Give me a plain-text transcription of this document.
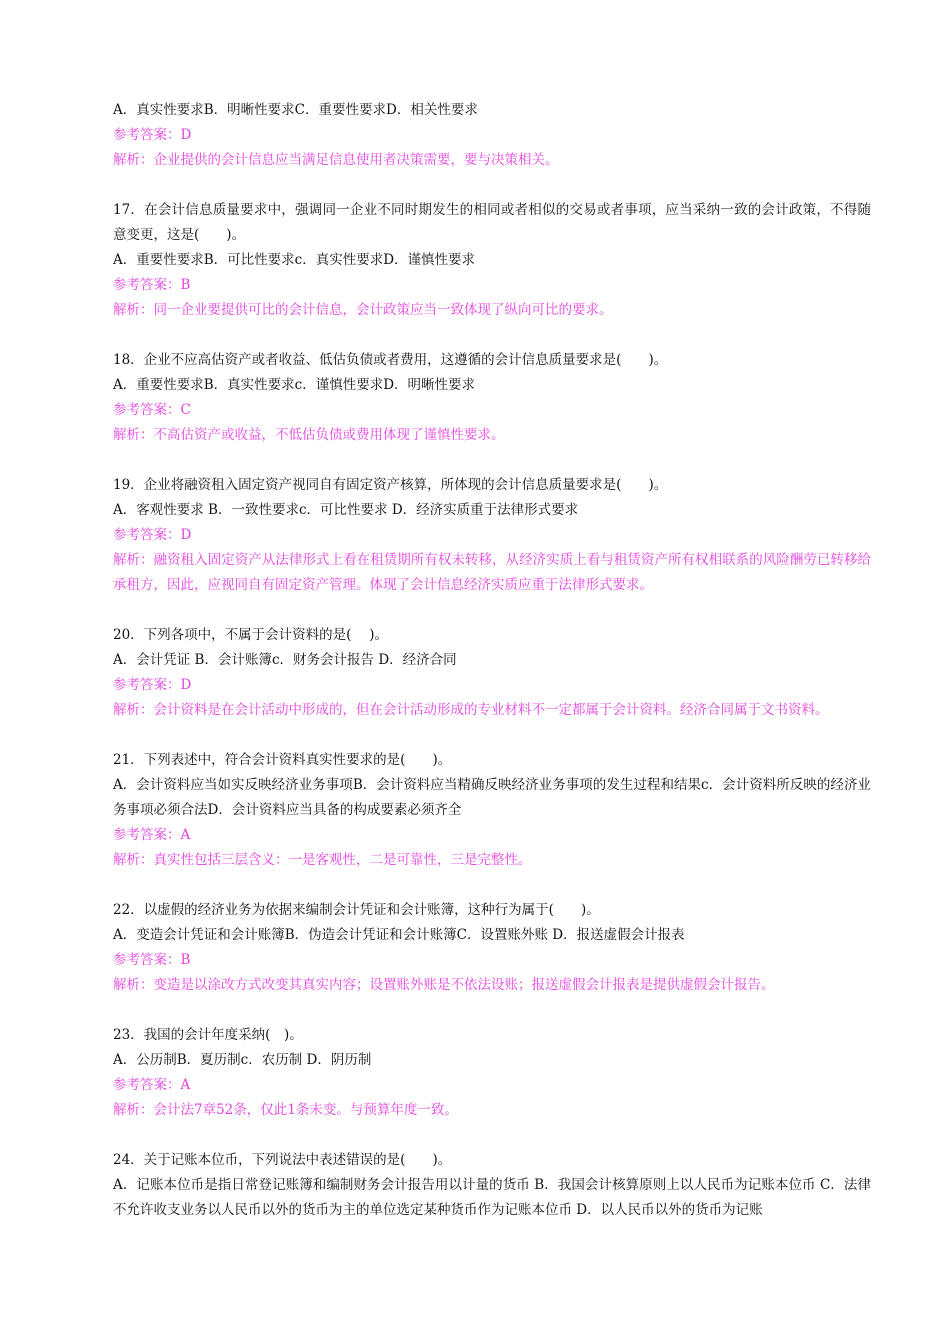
A．真实性要求B．明晰性要求C．重要性要求D．相关性要求

参考答案：D

解析：企业提供的会计信息应当满足信息使用者决策需要，要与决策相关。

17．在会计信息质量要求中，强调同一企业不同时期发生的相同或者相似的交易或者事项，应当采纳一致的会计政策，不得随意变更，这是(　　)。

A．重要性要求B．可比性要求c．真实性要求D．谨慎性要求

参考答案：B

解析：同一企业要提供可比的会计信息，会计政策应当一致体现了纵向可比的要求。

18．企业不应高估资产或者收益、低估负债或者费用，这遵循的会计信息质量要求是(　　)。

A．重要性要求B．真实性要求c．谨慎性要求D．明晰性要求

参考答案：C

解析：不高估资产或收益，不低估负债或费用体现了谨慎性要求。

19．企业将融资租入固定资产视同自有固定资产核算，所体现的会计信息质量要求是(　　)。

A．客观性要求 B．一致性要求c．可比性要求 D．经济实质重于法律形式要求

参考答案：D

解析：融资租入固定资产从法律形式上看在租赁期所有权未转移，从经济实质上看与租赁资产所有权相联系的风险酬劳已转移给承租方，因此，应视同自有固定资产管理。体现了会计信息经济实质应重于法律形式要求。

20．下列各项中，不属于会计资料的是(　 )。

A．会计凭证 B．会计账簿c．财务会计报告 D．经济合同

参考答案：D

解析：会计资料是在会计活动中形成的，但在会计活动形成的专业材料不一定都属于会计资料。经济合同属于文书资料。

21．下列表述中，符合会计资料真实性要求的是(　　)。

A．会计资料应当如实反映经济业务事项B．会计资料应当精确反映经济业务事项的发生过程和结果c．会计资料所反映的经济业务事项必须合法D．会计资料应当具备的构成要素必须齐全

参考答案：A

解析：真实性包括三层含义：一是客观性，二是可靠性，三是完整性。

22．以虚假的经济业务为依据来编制会计凭证和会计账簿，这种行为属于(　　)。

A．变造会计凭证和会计账簿B．伪造会计凭证和会计账簿C．设置账外账 D．报送虚假会计报表

参考答案：B

解析：变造是以涂改方式改变其真实内容；设置账外账是不依法设账；报送虚假会计报表是提供虚假会计报告。

23．我国的会计年度采纳(　)。

A．公历制B．夏历制c．农历制 D．阴历制

参考答案：A

解析：会计法7章52条，仅此1条未变。与预算年度一致。

24．关于记账本位币，下列说法中表述错误的是(　　)。

A．记账本位币是指日常登记账簿和编制财务会计报告用以计量的货币 B．我国会计核算原则上以人民币为记账本位币 C．法律不允许收支业务以人民币以外的货币为主的单位选定某种货币作为记账本位币 D．以人民币以外的货币为记账
